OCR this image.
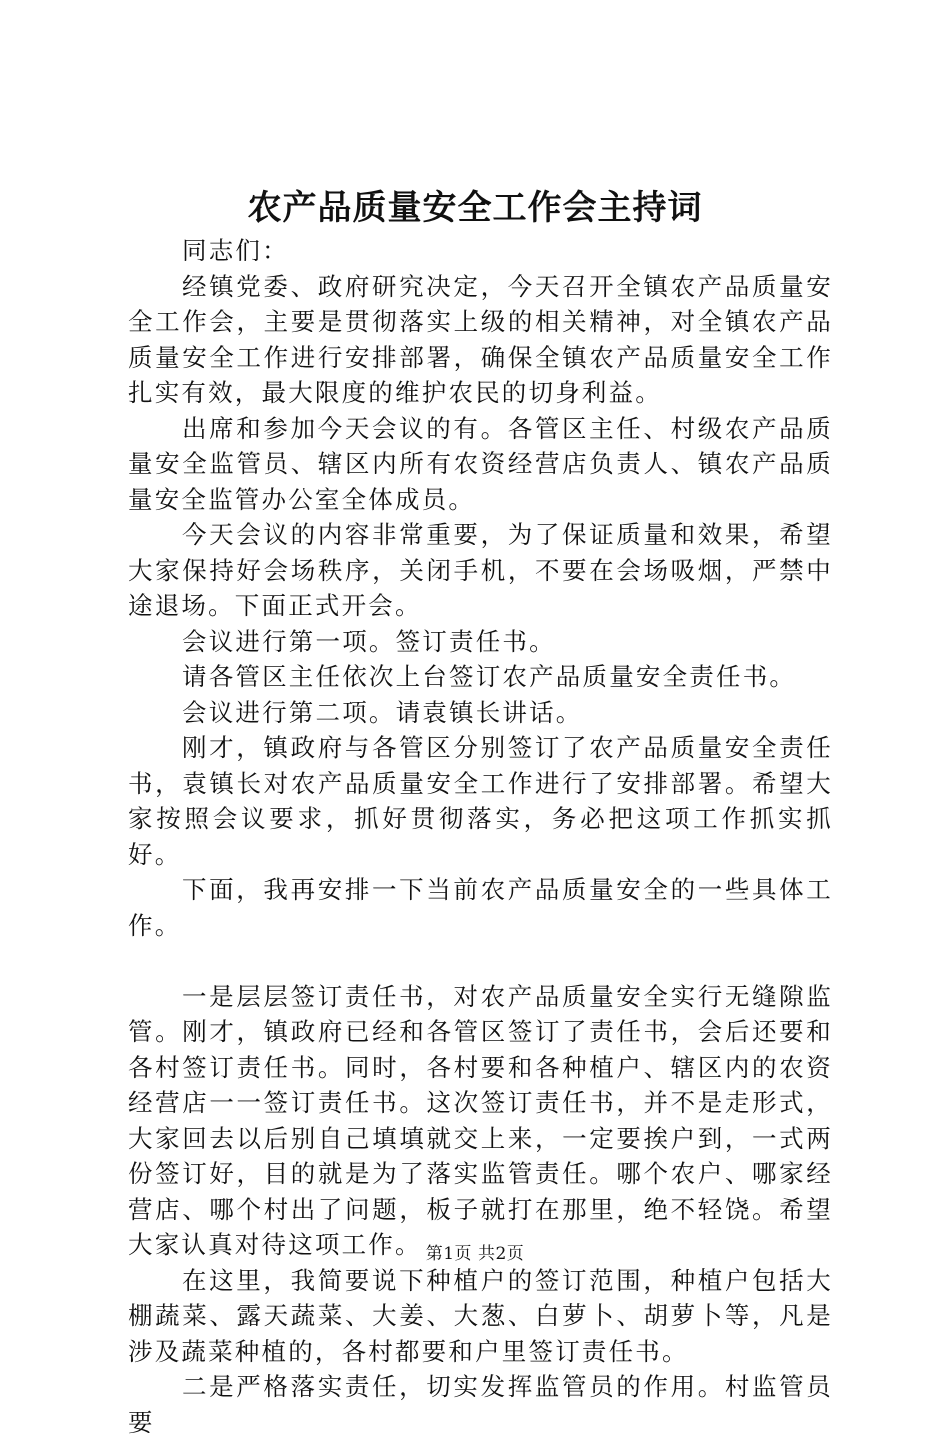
农产品质量安全工作会主持词

同志们：

经镇党委、政府研究决定，今天召开全镇农产品质量安全工作会，主要是贯彻落实上级的相关精神，对全镇农产品质量安全工作进行安排部署，确保全镇农产品质量安全工作扎实有效，最大限度的维护农民的切身利益。

出席和参加今天会议的有。各管区主任、村级农产品质量安全监管员、辖区内所有农资经营店负责人、镇农产品质量安全监管办公室全体成员。

今天会议的内容非常重要，为了保证质量和效果，希望大家保持好会场秩序，关闭手机，不要在会场吸烟，严禁中途退场。下面正式开会。

会议进行第一项。签订责任书。

请各管区主任依次上台签订农产品质量安全责任书。

会议进行第二项。请袁镇长讲话。

刚才，镇政府与各管区分别签订了农产品质量安全责任书，袁镇长对农产品质量安全工作进行了安排部署。希望大家按照会议要求，抓好贯彻落实，务必把这项工作抓实抓好。

下面，我再安排一下当前农产品质量安全的一些具体工作。

一是层层签订责任书，对农产品质量安全实行无缝隙监管。刚才，镇政府已经和各管区签订了责任书，会后还要和各村签订责任书。同时，各村要和各种植户、辖区内的农资经营店一一签订责任书。这次签订责任书，并不是走形式，大家回去以后别自己填填就交上来，一定要挨户到，一式两份签订好，目的就是为了落实监管责任。哪个农户、哪家经营店、哪个村出了问题，板子就打在那里，绝不轻饶。希望大家认真对待这项工作。

在这里，我简要说下种植户的签订范围，种植户包括大棚蔬菜、露天蔬菜、大姜、大葱、白萝卜、胡萝卜等，凡是涉及蔬菜种植的，各村都要和户里签订责任书。

二是严格落实责任，切实发挥监管员的作用。村监管员要

第1页 共2页
